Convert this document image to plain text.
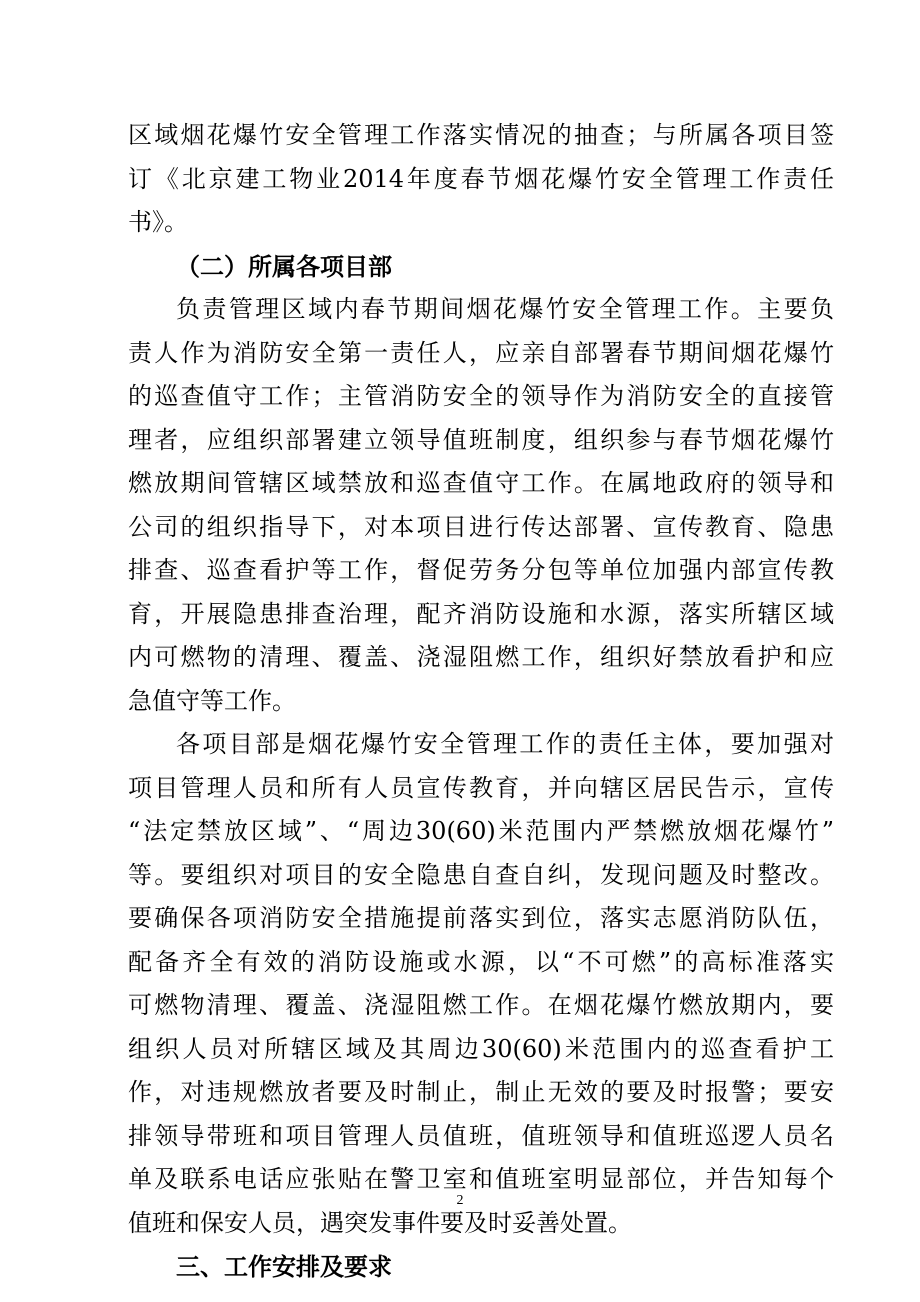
区域烟花爆竹安全管理工作落实情况的抽查；与所属各项目签
订《北京建工物业2014年度春节烟花爆竹安全管理工作责任
书》。
（二）所属各项目部
负责管理区域内春节期间烟花爆竹安全管理工作。主要负
责人作为消防安全第一责任人，应亲自部署春节期间烟花爆竹
的巡查值守工作；主管消防安全的领导作为消防安全的直接管
理者，应组织部署建立领导值班制度，组织参与春节烟花爆竹
燃放期间管辖区域禁放和巡查值守工作。在属地政府的领导和
公司的组织指导下，对本项目进行传达部署、宣传教育、隐患
排查、巡查看护等工作，督促劳务分包等单位加强内部宣传教
育，开展隐患排查治理，配齐消防设施和水源，落实所辖区域
内可燃物的清理、覆盖、浇湿阻燃工作，组织好禁放看护和应
急值守等工作。
各项目部是烟花爆竹安全管理工作的责任主体，要加强对
项目管理人员和所有人员宣传教育，并向辖区居民告示，宣传
“法定禁放区域”、“周边30(60)米范围内严禁燃放烟花爆竹”
等。要组织对项目的安全隐患自查自纠，发现问题及时整改。
要确保各项消防安全措施提前落实到位，落实志愿消防队伍，
配备齐全有效的消防设施或水源，以“不可燃”的高标准落实
可燃物清理、覆盖、浇湿阻燃工作。在烟花爆竹燃放期内，要
组织人员对所辖区域及其周边30(60)米范围内的巡查看护工
作，对违规燃放者要及时制止，制止无效的要及时报警；要安
排领导带班和项目管理人员值班，值班领导和值班巡逻人员名
单及联系电话应张贴在警卫室和值班室明显部位，并告知每个
值班和保安人员，遇突发事件要及时妥善处置。
三、工作安排及要求
2
